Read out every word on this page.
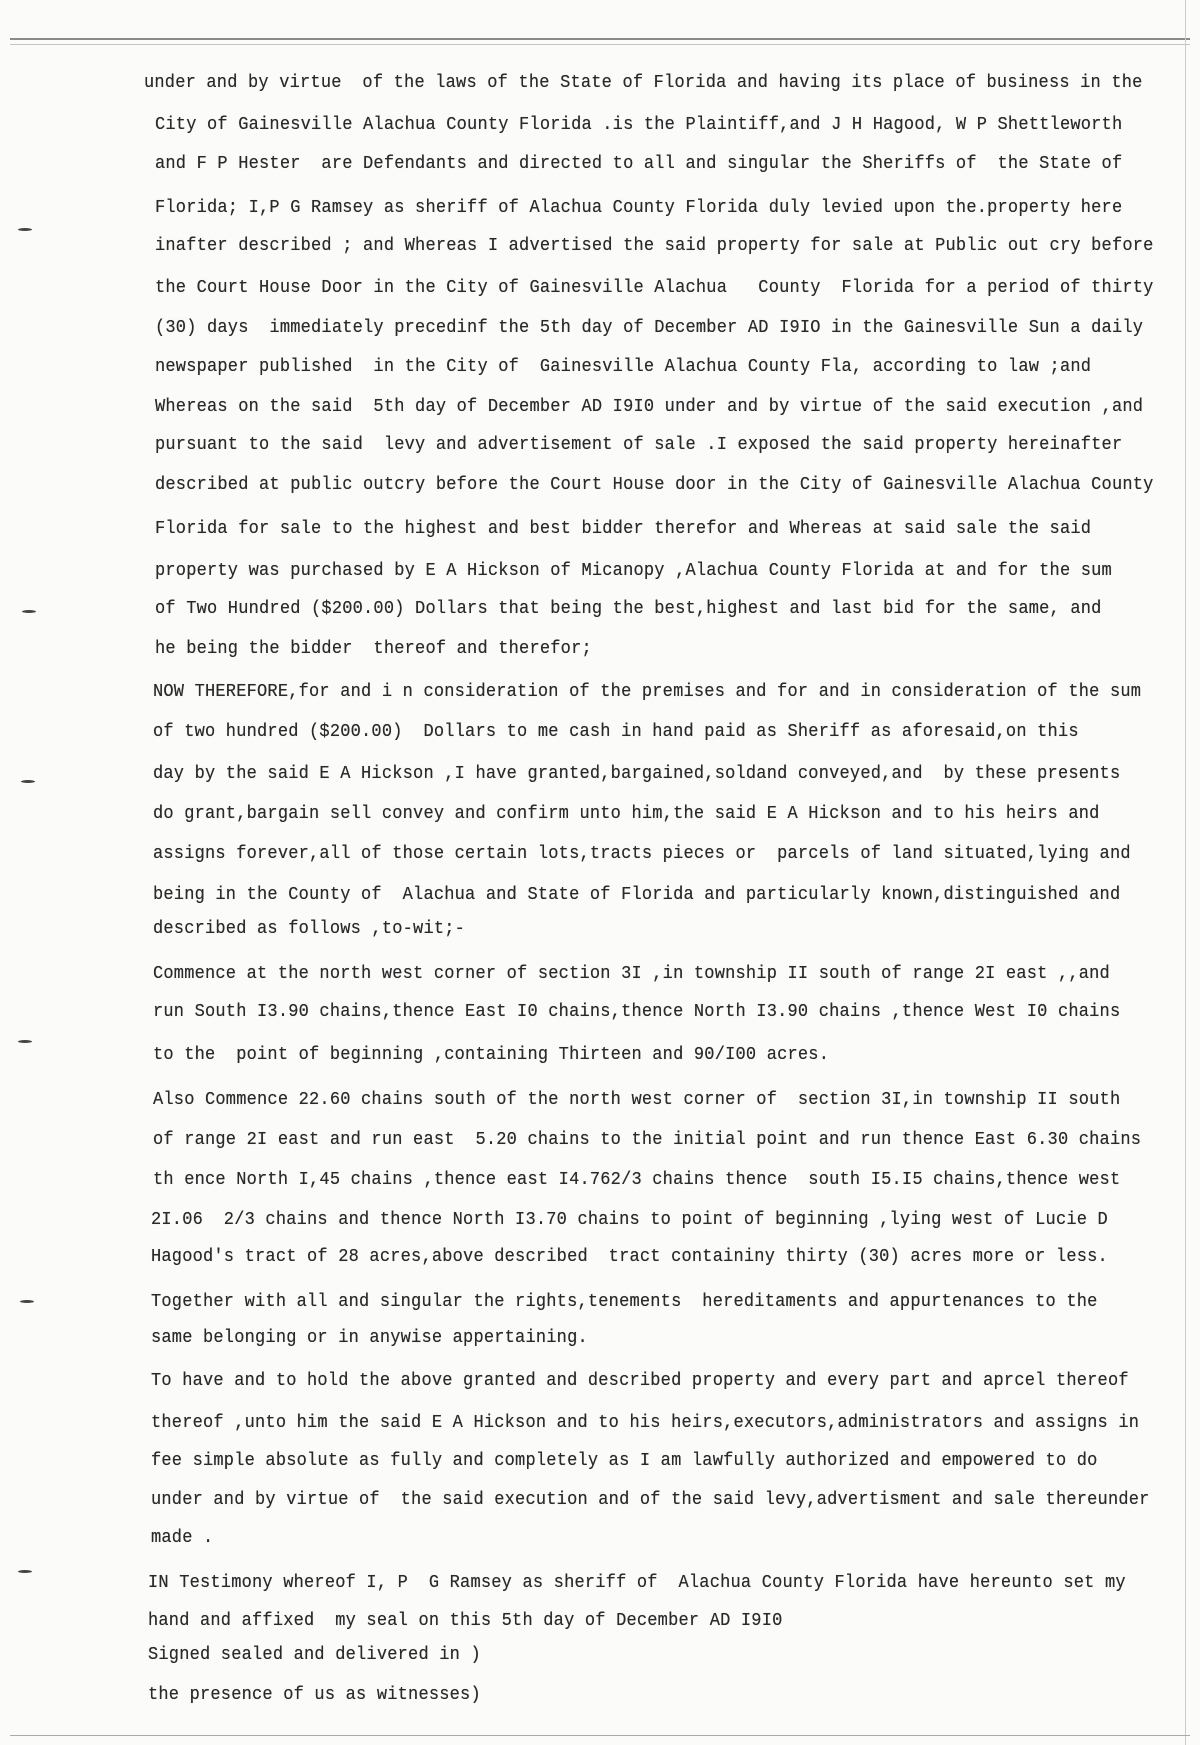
under and by virtue  of the laws of the State of Florida and having its place of business in the
City of Gainesville Alachua County Florida .is the Plaintiff,and J H Hagood, W P Shettleworth
and F P Hester  are Defendants and directed to all and singular the Sheriffs of  the State of
Florida; I,P G Ramsey as sheriff of Alachua County Florida duly levied upon the.property here
inafter described ; and Whereas I advertised the said property for sale at Public out cry before
the Court House Door in the City of Gainesville Alachua   County  Florida for a period of thirty
(30) days  immediately precedinf the 5th day of December AD I9IO in the Gainesville Sun a daily
newspaper published  in the City of  Gainesville Alachua County Fla, according to law ;and
Whereas on the said  5th day of December AD I9I0 under and by virtue of the said execution ,and
pursuant to the said  levy and advertisement of sale .I exposed the said property hereinafter
described at public outcry before the Court House door in the City of Gainesville Alachua County
Florida for sale to the highest and best bidder therefor and Whereas at said sale the said
property was purchased by E A Hickson of Micanopy ,Alachua County Florida at and for the sum
of Two Hundred ($200.00) Dollars that being the best,highest and last bid for the same, and
he being the bidder  thereof and therefor;
NOW THEREFORE,for and i n consideration of the premises and for and in consideration of the sum
of two hundred ($200.00)  Dollars to me cash in hand paid as Sheriff as aforesaid,on this
day by the said E A Hickson ,I have granted,bargained,soldand conveyed,and  by these presents
do grant,bargain sell convey and confirm unto him,the said E A Hickson and to his heirs and
assigns forever,all of those certain lots,tracts pieces or  parcels of land situated,lying and
being in the County of  Alachua and State of Florida and particularly known,distinguished and
described as follows ,to-wit;-
Commence at the north west corner of section 3I ,in township II south of range 2I east ,,and
run South I3.90 chains,thence East I0 chains,thence North I3.90 chains ,thence West I0 chains
to the  point of beginning ,containing Thirteen and 90/I00 acres.
Also Commence 22.60 chains south of the north west corner of  section 3I,in township II south
of range 2I east and run east  5.20 chains to the initial point and run thence East 6.30 chains
th ence North I,45 chains ,thence east I4.762/3 chains thence  south I5.I5 chains,thence west
2I.06  2/3 chains and thence North I3.70 chains to point of beginning ,lying west of Lucie D
Hagood's tract of 28 acres,above described  tract containiny thirty (30) acres more or less.
Together with all and singular the rights,tenements  hereditaments and appurtenances to the
same belonging or in anywise appertaining.
To have and to hold the above granted and described property and every part and aprcel thereof
thereof ,unto him the said E A Hickson and to his heirs,executors,administrators and assigns in
fee simple absolute as fully and completely as I am lawfully authorized and empowered to do
under and by virtue of  the said execution and of the said levy,advertisment and sale thereunder
made .
IN Testimony whereof I, P  G Ramsey as sheriff of  Alachua County Florida have hereunto set my
hand and affixed  my seal on this 5th day of December AD I9I0
Signed sealed and delivered in )
the presence of us as witnesses)
